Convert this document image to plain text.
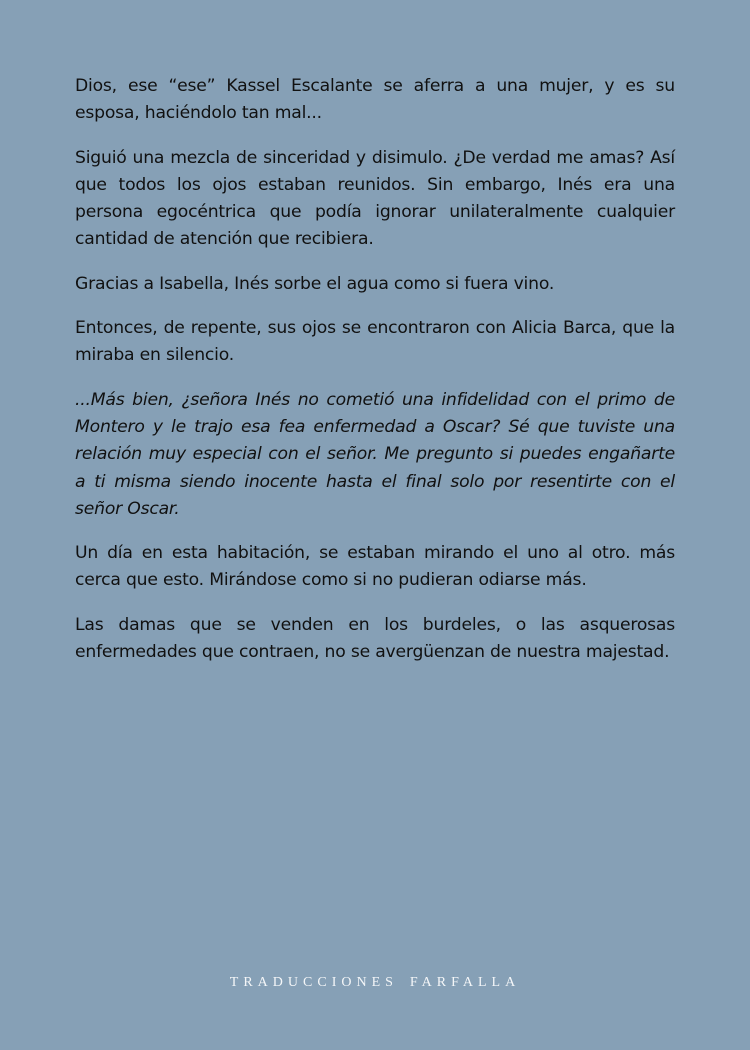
Dios, ese “ese” Kassel Escalante se aferra a una mujer, y es su esposa, haciéndolo tan mal...

Siguió una mezcla de sinceridad y disimulo. ¿De verdad me amas? Así que todos los ojos estaban reunidos. Sin embargo, Inés era una persona egocéntrica que podía ignorar unilateralmente cualquier cantidad de atención que recibiera.

Gracias a Isabella, Inés sorbe el agua como si fuera vino.

Entonces, de repente, sus ojos se encontraron con Alicia Barca, que la miraba en silencio.

...Más bien, ¿señora Inés no cometió una infidelidad con el primo de Montero y le trajo esa fea enfermedad a Oscar? Sé que tuviste una relación muy especial con el señor. Me pregunto si puedes engañarte a ti misma siendo inocente hasta el final solo por resentirte con el señor Oscar.

Un día en esta habitación, se estaban mirando el uno al otro. más cerca que esto. Mirándose como si no pudieran odiarse más.

Las damas que se venden en los burdeles, o las asquerosas enfermedades que contraen, no se avergüenzan de nuestra majestad.

TRADUCCIONES FARFALLA
